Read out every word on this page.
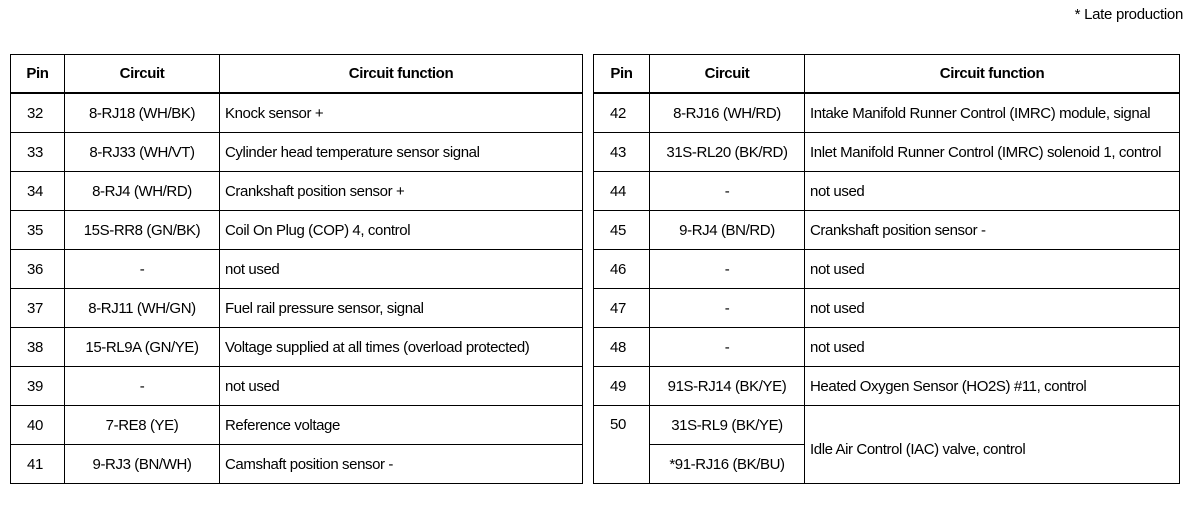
* Late production
Pin	Circuit	Circuit function
32	8-RJ18 (WH/BK)	Knock sensor +
33	8-RJ33 (WH/VT)	Cylinder head temperature sensor signal
34	8-RJ4 (WH/RD)	Crankshaft position sensor +
35	15S-RR8 (GN/BK)	Coil On Plug (COP) 4, control
36	-	not used
37	8-RJ11 (WH/GN)	Fuel rail pressure sensor, signal
38	15-RL9A (GN/YE)	Voltage supplied at all times (overload protected)
39	-	not used
40	7-RE8 (YE)	Reference voltage
41	9-RJ3 (BN/WH)	Camshaft position sensor -
Pin	Circuit	Circuit function
42	8-RJ16 (WH/RD)	Intake Manifold Runner Control (IMRC) module, signal
43	31S-RL20 (BK/RD)	Inlet Manifold Runner Control (IMRC) solenoid 1, control
44	-	not used
45	9-RJ4 (BN/RD)	Crankshaft position sensor -
46	-	not used
47	-	not used
48	-	not used
49	91S-RJ14 (BK/YE)	Heated Oxygen Sensor (HO2S) #11, control
50	31S-RL9 (BK/YE)	Idle Air Control (IAC) valve, control
	*91-RJ16 (BK/BU)	
